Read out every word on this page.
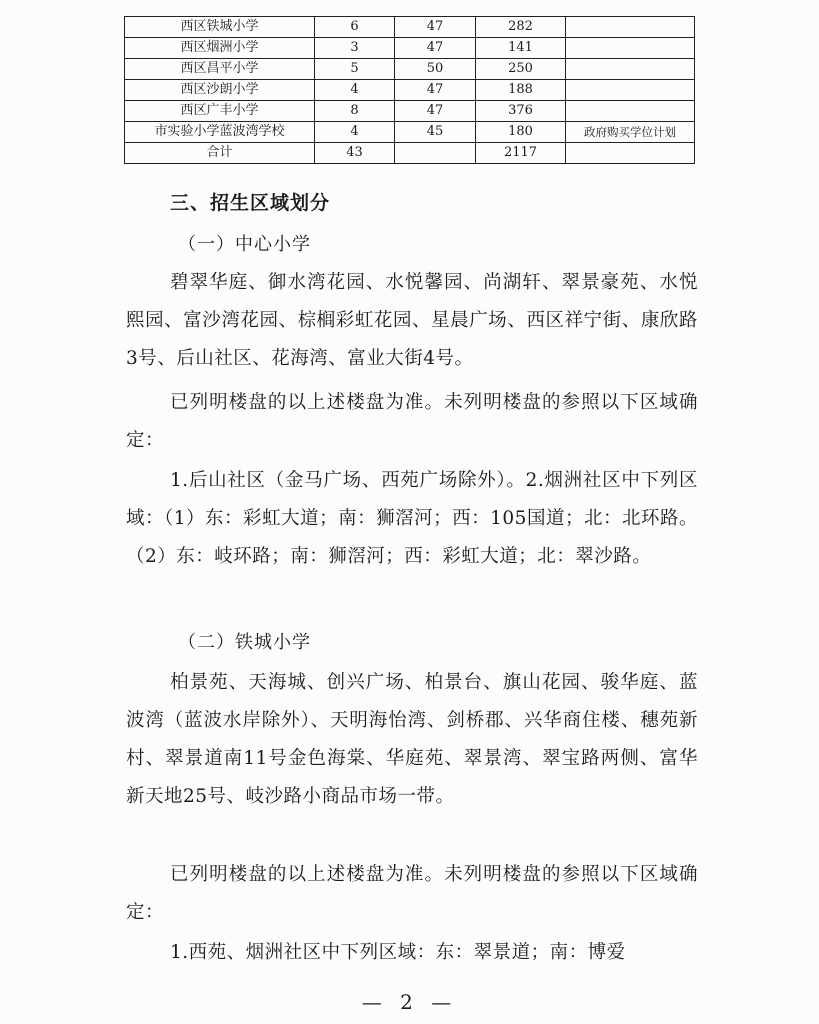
西区铁城小学	6	47	282	
西区烟洲小学	3	47	141	
西区昌平小学	5	50	250	
西区沙朗小学	4	47	188	
西区广丰小学	8	47	376	
市实验小学蓝波湾学校	4	45	180	政府购买学位计划
合计	43		2117	
三、招生区域划分
（一）中心小学
碧翠华庭、御水湾花园、水悦馨园、尚湖轩、翠景豪苑、水悦熙园、富沙湾花园、棕榈彩虹花园、星晨广场、西区祥宁街、康欣路3号、后山社区、花海湾、富业大街4号。
已列明楼盘的以上述楼盘为准。未列明楼盘的参照以下区域确定：
1.后山社区（金马广场、西苑广场除外）。2.烟洲社区中下列区域：（1）东：彩虹大道；南：狮滘河；西：105国道；北：北环路。（2）东：岐环路；南：狮滘河；西：彩虹大道；北：翠沙路。
（二）铁城小学
柏景苑、天海城、创兴广场、柏景台、旗山花园、骏华庭、蓝波湾（蓝波水岸除外）、天明海怡湾、剑桥郡、兴华商住楼、穗苑新村、翠景道南11号金色海棠、华庭苑、翠景湾、翠宝路两侧、富华新天地25号、岐沙路小商品市场一带。
已列明楼盘的以上述楼盘为准。未列明楼盘的参照以下区域确定：
1.西苑、烟洲社区中下列区域：东：翠景道；南：博爱
— 2 —
